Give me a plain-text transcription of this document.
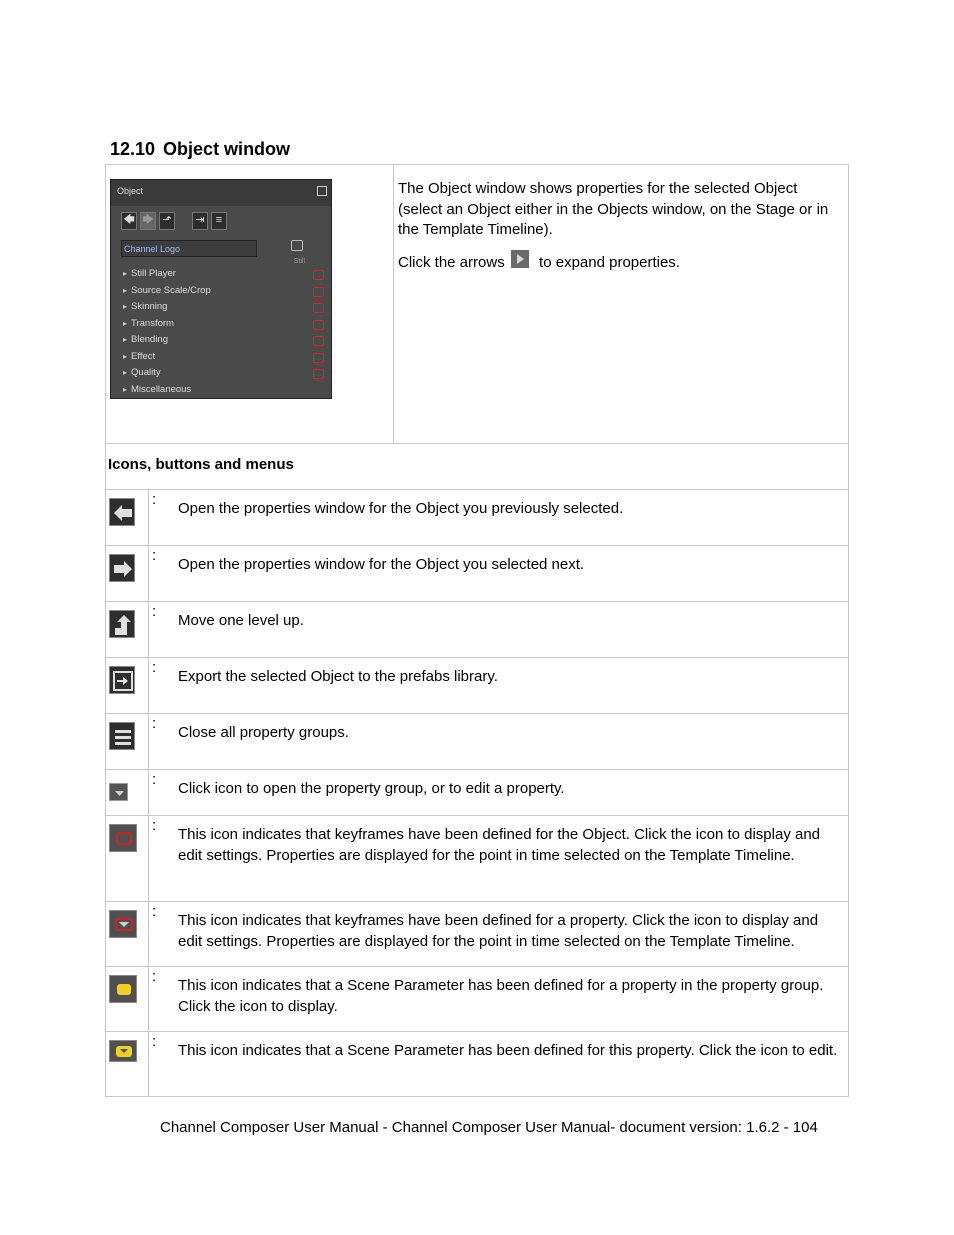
12.10 Object window
Object
🡄 🡆 ⬏	⇥	≡
Channel Logo
Still
▸ Still Player
▸ Source Scale/Crop
▸ Skinning
▸ Transform
▸ Blending
▸ Effect
▸ Quality
▸ Miscellaneous

The Object window shows properties for the selected Object (select an Object either in the Objects window, on the Stage or in the Template Timeline).

Click the arrows to expand properties.

Icons, buttons and menus

:
Open the properties window for the Object you previously selected.

:
Open the properties window for the Object you selected next.

:
Move one level up.

:
Export the selected Object to the prefabs library.

:
Close all property groups.

:
Click icon to open the property group, or to edit a property.

:
This icon indicates that keyframes have been defined for the Object. Click the icon to display and edit settings. Properties are displayed for the point in time selected on the Template Timeline.

:
This icon indicates that keyframes have been defined for a property. Click the icon to display and edit settings. Properties are displayed for the point in time selected on the Template Timeline.

:
This icon indicates that a Scene Parameter has been defined for a property in the property group. Click the icon to display.

:
This icon indicates that a Scene Parameter has been defined for this property. Click the icon to edit.
Channel Composer User Manual - Channel Composer User Manual- document version: 1.6.2 - 104
